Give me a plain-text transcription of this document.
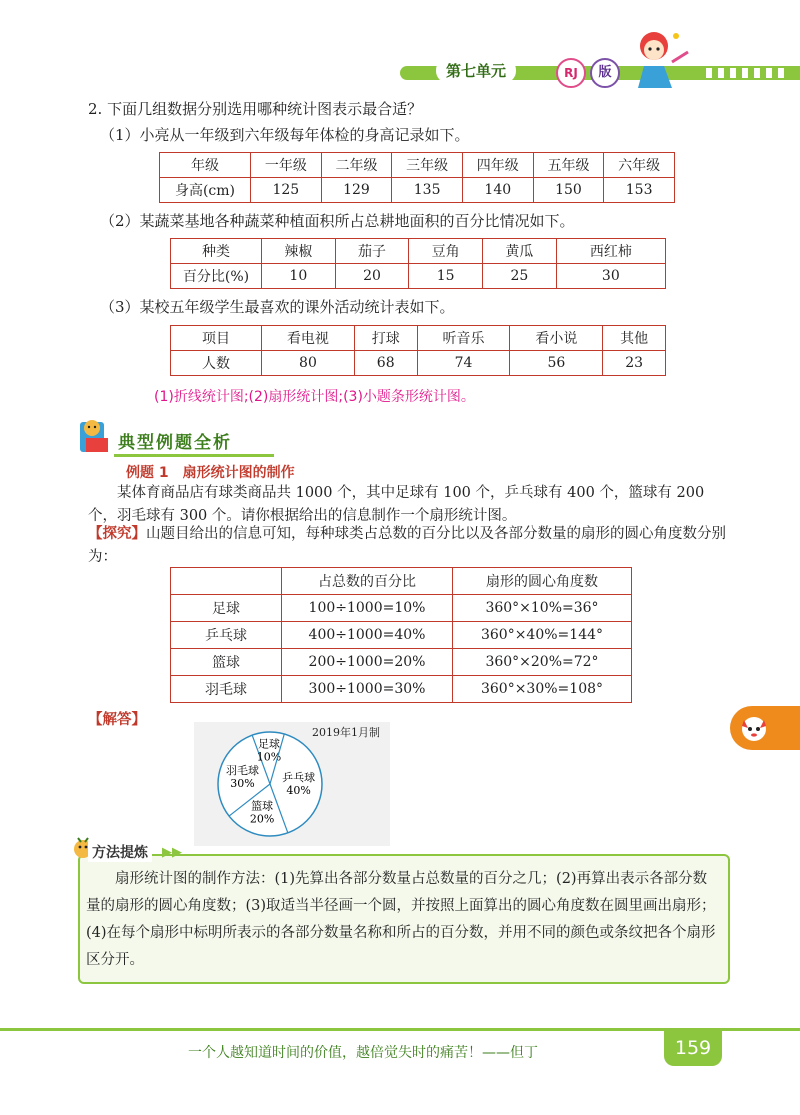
第七单元	RJ	版
2. 下面几组数据分别选用哪种统计图表示最合适？
（1）小亮从一年级到六年级每年体检的身高记录如下。
年级	一年级	二年级	三年级	四年级	五年级	六年级
身高(cm)	125	129	135	140	150	153
（2）某蔬菜基地各种蔬菜种植面积所占总耕地面积的百分比情况如下。
种类	辣椒	茄子	豆角	黄瓜	西红柿
百分比(%)	10	20	15	25	30
（3）某校五年级学生最喜欢的课外活动统计表如下。
项目	看电视	打球	听音乐	看小说	其他
人数	80	68	74	56	23
(1)折线统计图;(2)扇形统计图;(3)小题条形统计图。
典型例题全析
例题 1　扇形统计图的制作
某体育商品店有球类商品共 1000 个，其中足球有 100 个，乒乓球有 400 个，篮球有 200 个，羽毛球有 300 个。请你根据给出的信息制作一个扇形统计图。
【探究】山题目给出的信息可知，每种球类占总数的百分比以及各部分数量的扇形的圆心角度数分别为：
	占总数的百分比	扇形的圆心角度数
足球	100÷1000=10%	360°×10%=36°
乒乓球	400÷1000=40%	360°×40%=144°
篮球	200÷1000=20%	360°×20%=72°
羽毛球	300÷1000=30%	360°×30%=108°
【解答】
2019年1月制
足球
10%
乒乓球
40%
篮球
20%
羽毛球
30%
方法提炼	▶▶
扇形统计图的制作方法：(1)先算出各部分数量占总数量的百分之几；(2)再算出表示各部分数量的扇形的圆心角度数；(3)取适当半径画一个圆，并按照上面算出的圆心角度数在圆里画出扇形；(4)在每个扇形中标明所表示的各部分数量名称和所占的百分数，并用不同的颜色或条纹把各个扇形区分开。
一个人越知道时间的价值，越倍觉失时的痛苦！——但丁	159
